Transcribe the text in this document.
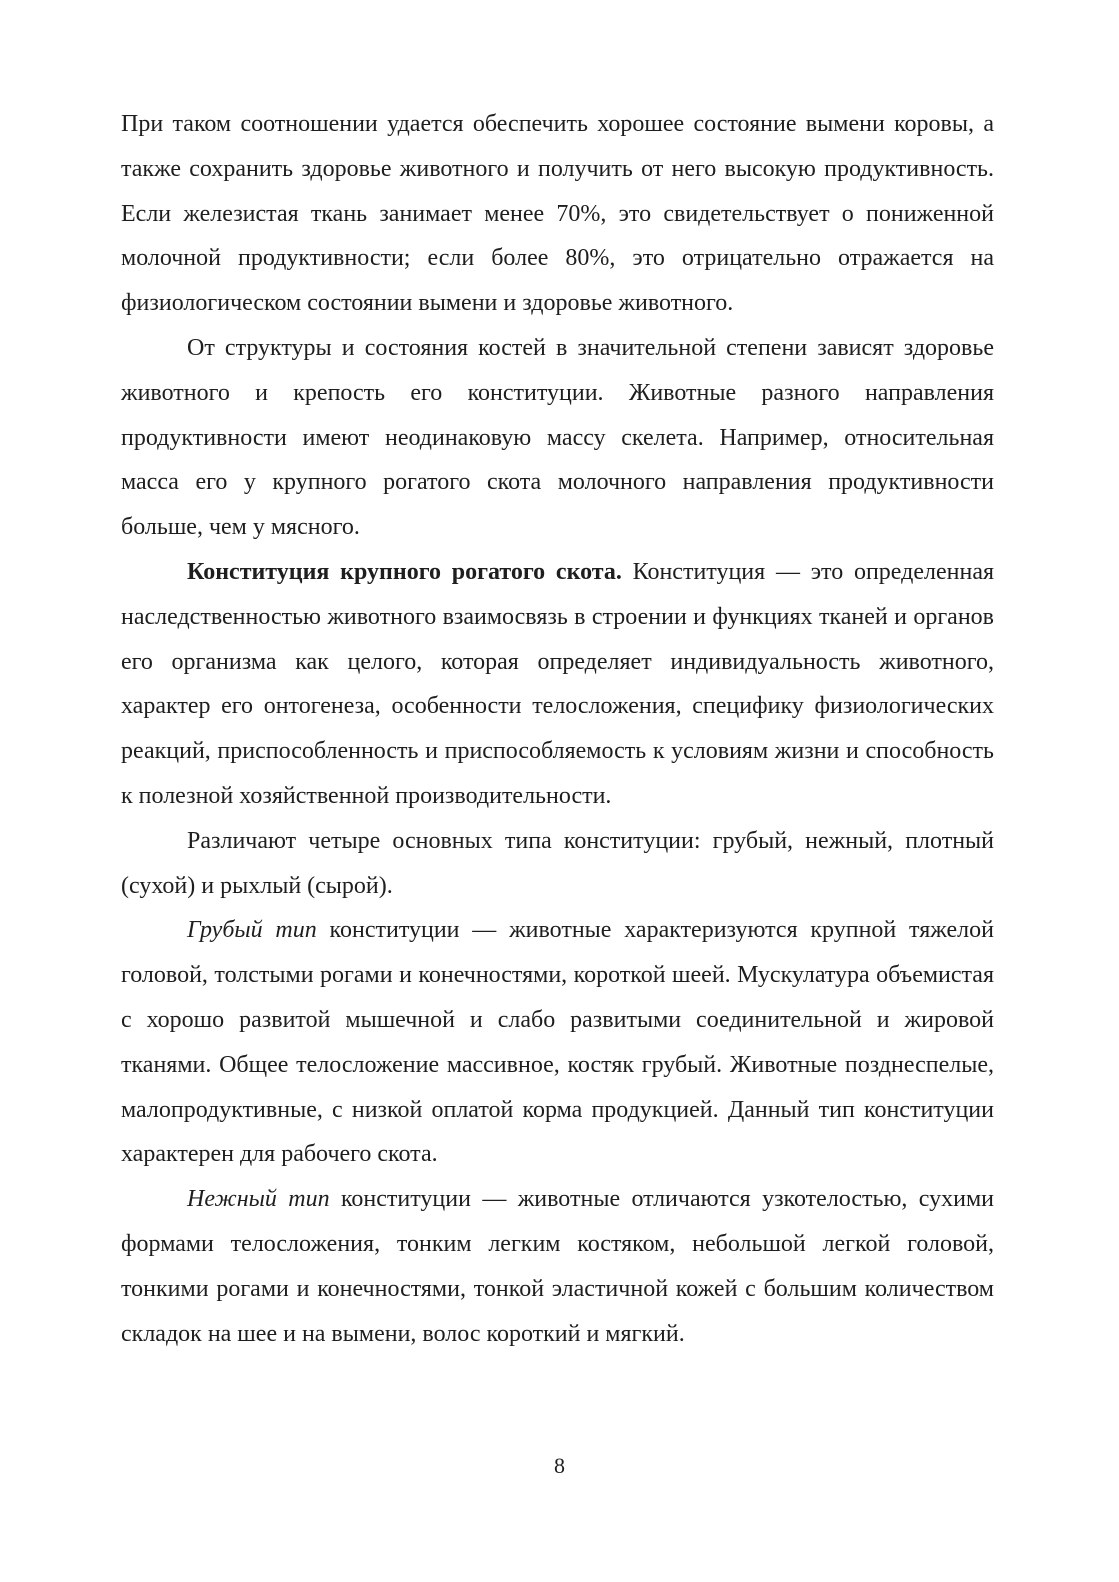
При таком соотношении удается обеспечить хорошее состояние вымени коровы, а также сохранить здоровье животного и получить от него высокую продуктивность. Если железистая ткань занимает менее 70%, это свидетельствует о пониженной молочной продуктивности; если более 80%, это отрицательно отражается на физиологическом состоянии вымени и здоровье животного.

От структуры и состояния костей в значительной степени зависят здоровье животного и крепость его конституции. Животные разного направления продуктивности имеют неодинаковую массу скелета. Например, относительная масса его у крупного рогатого скота молочного направления продуктивности больше, чем у мясного.

Конституция крупного рогатого скота. Конституция — это определенная наследственностью животного взаимосвязь в строении и функциях тканей и органов его организма как целого, которая определяет индивидуальность животного, характер его онтогенеза, особенности телосложения, специфику физиологических реакций, приспособленность и приспособляемость к условиям жизни и способность к полезной хозяйственной производительности.

Различают четыре основных типа конституции: грубый, нежный, плотный (сухой) и рыхлый (сырой).

Грубый тип конституции — животные характеризуются крупной тяжелой головой, толстыми рогами и конечностями, короткой шеей. Мускулатура объемистая с хорошо развитой мышечной и слабо развитыми соединительной и жировой тканями. Общее телосложение массивное, костяк грубый. Животные позднеспелые, малопродуктивные, с низкой оплатой корма продукцией. Данный тип конституции характерен для рабочего скота.

Нежный тип конституции — животные отличаются узкотелостью, сухими формами телосложения, тонким легким костяком, небольшой легкой головой, тонкими рогами и конечностями, тонкой эластичной кожей с большим количеством складок на шее и на вымени, волос короткий и мягкий.

8
